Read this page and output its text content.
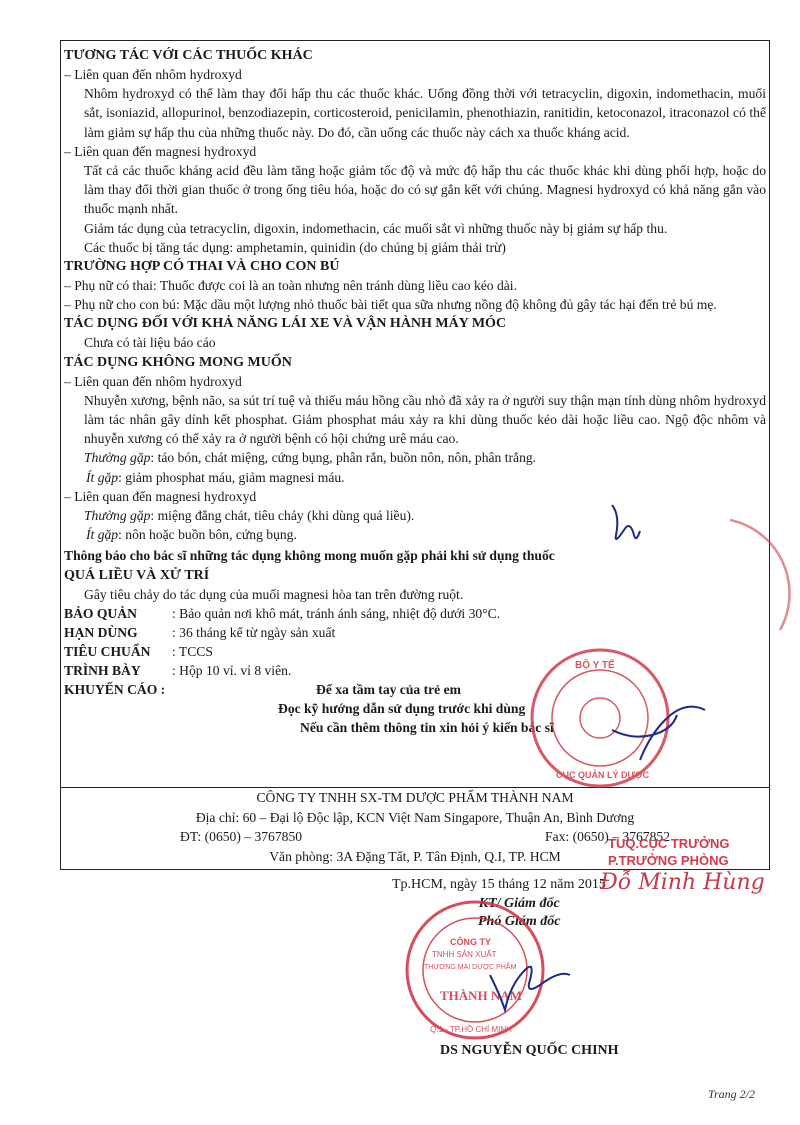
TƯƠNG TÁC VỚI CÁC THUỐC KHÁC

– Liên quan đến nhôm hydroxyd

Nhôm hydroxyd có thể làm thay đổi hấp thu các thuốc khác. Uống đồng thời với tetracyclin, digoxin, indomethacin, muối sắt, isoniazid, allopurinol, benzodiazepin, corticosteroid, penicilamin, phenothiazin, ranitidin, ketoconazol, itraconazol có thể làm giảm sự hấp thu của những thuốc này. Do đó, cần uống các thuốc này cách xa thuốc kháng acid.

– Liên quan đến magnesi hydroxyd

Tất cả các thuốc kháng acid đều làm tăng hoặc giảm tốc độ và mức độ hấp thu các thuốc khác khi dùng phối hợp, hoặc do làm thay đổi thời gian thuốc ở trong ống tiêu hóa, hoặc do có sự gắn kết với chúng. Magnesi hydroxyd có khả năng gắn vào thuốc mạnh nhất.

Giảm tác dụng của tetracyclin, digoxin, indomethacin, các muối sắt vì những thuốc này bị giảm sự hấp thu.

Các thuốc bị tăng tác dụng: amphetamin, quinidin (do chúng bị giảm thải trừ)

TRƯỜNG HỢP CÓ THAI VÀ CHO CON BÚ

– Phụ nữ có thai: Thuốc được coi là an toàn nhưng nên tránh dùng liều cao kéo dài.

– Phụ nữ cho con bú: Mặc dầu một lượng nhỏ thuốc bài tiết qua sữa nhưng nồng độ không đủ gây tác hại đến trẻ bú mẹ.

TÁC DỤNG ĐỐI VỚI KHẢ NĂNG LÁI XE VÀ VẬN HÀNH MÁY MÓC

Chưa có tài liệu báo cáo

TÁC DỤNG KHÔNG MONG MUỐN

– Liên quan đến nhôm hydroxyd

Nhuyễn xương, bệnh não, sa sút trí tuệ và thiếu máu hồng cầu nhỏ đã xảy ra ở người suy thận mạn tính dùng nhôm hydroxyd làm tác nhân gây dính kết phosphat. Giảm phosphat máu xảy ra khi dùng thuốc kéo dài hoặc liều cao. Ngộ độc nhôm và nhuyễn xương có thể xảy ra ở người bệnh có hội chứng urê máu cao.

Thường gặp: táo bón, chát miệng, cứng bụng, phân rắn, buồn nôn, nôn, phân trắng.

Ít gặp: giảm phosphat máu, giảm magnesi máu.

– Liên quan đến magnesi hydroxyd

Thường gặp: miệng đắng chát, tiêu chảy (khi dùng quá liều).

Ít gặp: nôn hoặc buồn bôn, cứng bụng.

Thông báo cho bác sĩ những tác dụng không mong muốn gặp phải khi sử dụng thuốc

QUÁ LIỀU VÀ XỬ TRÍ

Gây tiêu chảy do tác dụng của muối magnesi hòa tan trên đường ruột.

BẢO QUẢN	: Bảo quản nơi khô mát, tránh ánh sáng, nhiệt độ dưới 30°C.
HẠN DÙNG	: 36 tháng kể từ ngày sản xuất
TIÊU CHUẨN	: TCCS
TRÌNH BÀY	: Hộp 10 vỉ. vỉ 8 viên.
KHUYẾN CÁO :	Để xa tầm tay của trẻ em
Đọc kỹ hướng dẫn sử dụng trước khi dùng
Nếu cần thêm thông tin xin hỏi ý kiến bác sĩ
CÔNG TY TNHH SX-TM DƯỢC PHẨM THÀNH NAM
Địa chỉ: 60 – Đại lộ Độc lập, KCN Việt Nam Singapore, Thuận An, Bình Dương
ĐT: (0650) – 3767850	Fax: (0650) – 3767852
Văn phòng: 3A Đặng Tất, P. Tân Định, Q.I, TP. HCM
Tp.HCM, ngày 15 tháng 12 năm 2015
KT/ Giám đốc
Phó Giám đốc
DS NGUYỄN QUỐC CHINH
Trang 2/2
TUQ.CỤC TRƯỞNG
P.TRƯỞNG PHÒNG
Đỗ Minh Hùng
BỘ Y TẾ
CỤC QUẢN LÝ DƯỢC
CÔNG TY
TNHH SẢN XUẤT
THƯƠNG MẠI DƯỢC PHẨM
THÀNH NAM
Q.1 - TP.HỒ CHÍ MINH
